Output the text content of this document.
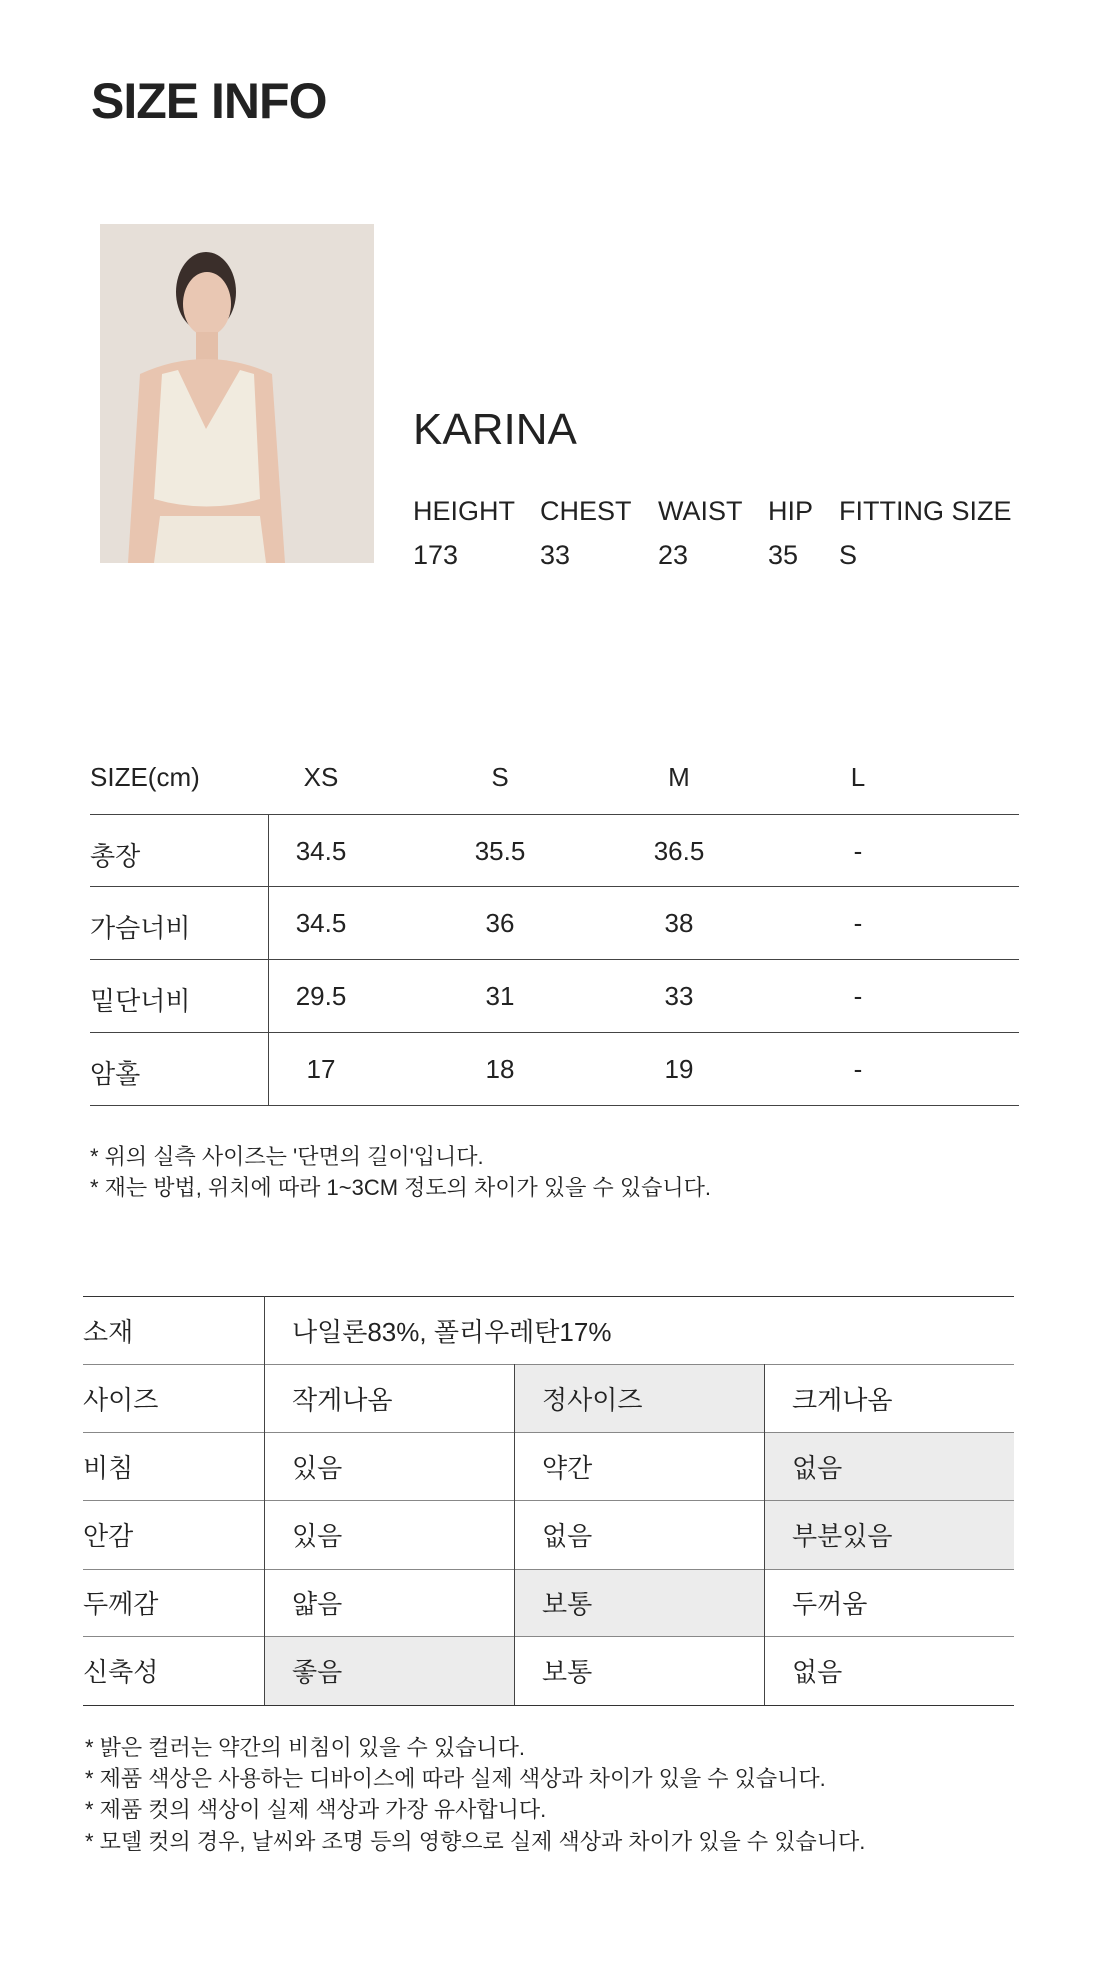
SIZE INFO
KARINA
HEIGHT CHEST WAIST HIP FITTING SIZE
173	33	23	35 S
SIZE(cm)	XS	S	M	L
총장	34.5	35.5	36.5	-
가슴너비	34.5	36	38	-
밑단너비	29.5	31	33	-
암홀	17	18	19	-
* 위의 실측 사이즈는 '단면의 길이'입니다.
* 재는 방법, 위치에 따라 1~3CM 정도의 차이가 있을 수 있습니다.
소재	나일론83%, 폴리우레탄17%
사이즈	작게나옴	정사이즈	크게나옴
비침	있음	약간	없음
안감	있음	없음	부분있음
두께감	얇음	보통	두꺼움
신축성	좋음	보통	없음
* 밝은 컬러는 약간의 비침이 있을 수 있습니다.
* 제품 색상은 사용하는 디바이스에 따라 실제 색상과 차이가 있을 수 있습니다.
* 제품 컷의 색상이 실제 색상과 가장 유사합니다.
* 모델 컷의 경우, 날씨와 조명 등의 영향으로 실제 색상과 차이가 있을 수 있습니다.
